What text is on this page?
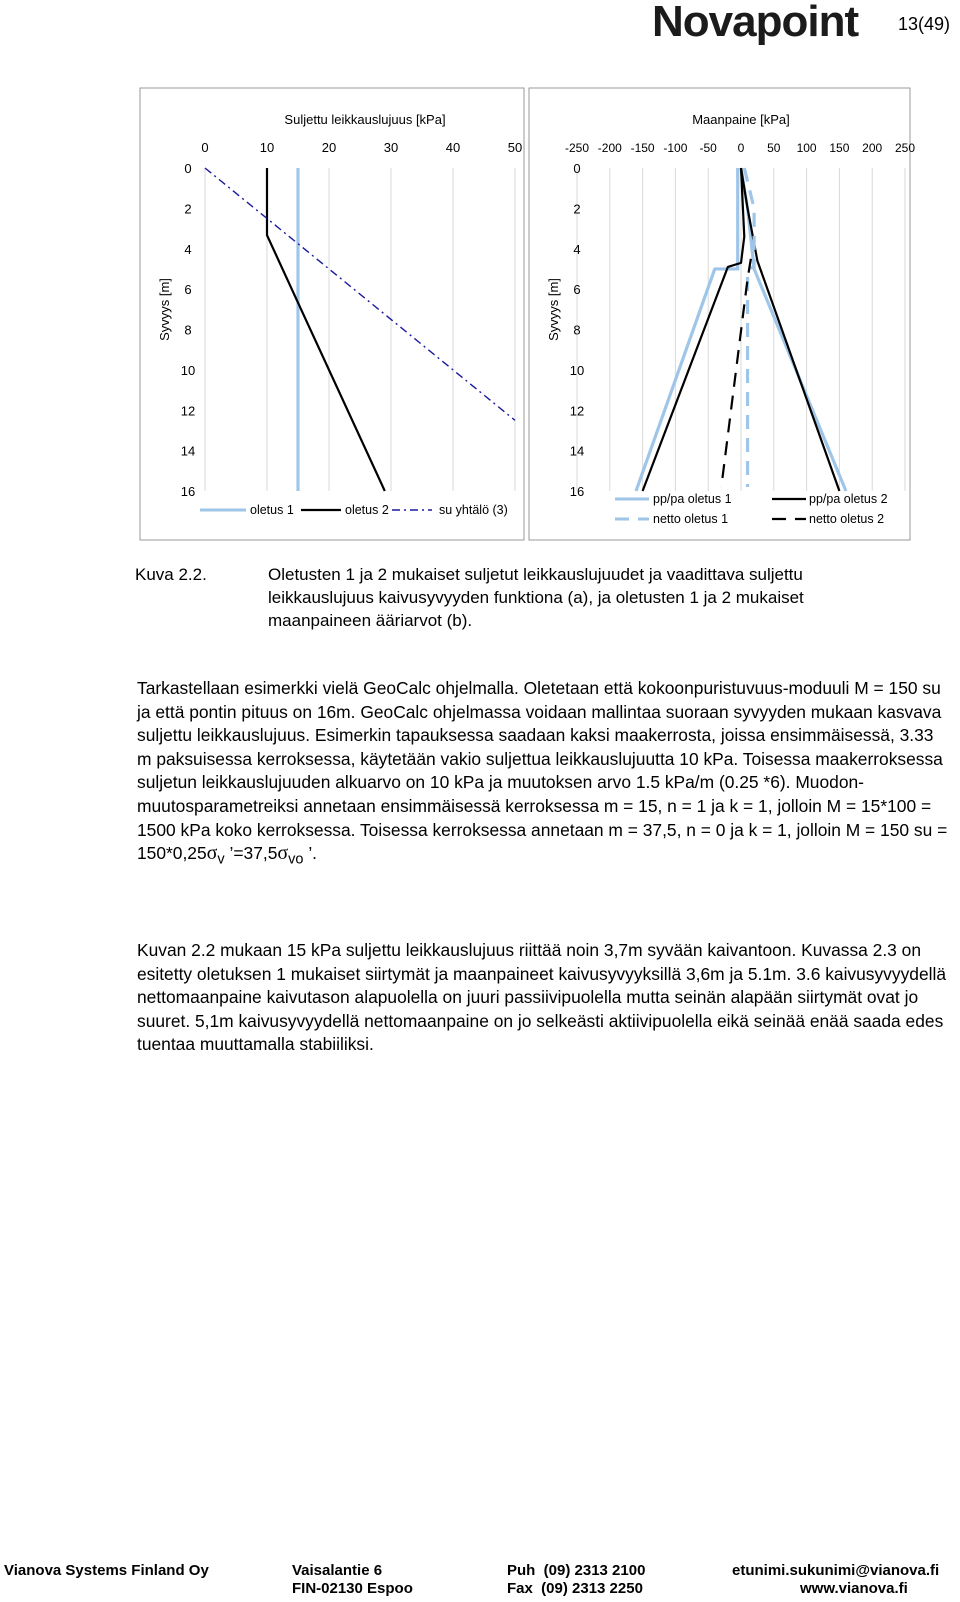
Novapoint 13(49)
Suljettu leikkauslujuus [kPa]
Syvyys [m]
0	10	20	30	40	50
0
2
4
6
8
10
12
14
16
oletus 1	oletus 2	su yhtälö (3)
Maanpaine [kPa]
Syvyys [m]
-250 -200 -150 -100 -50 0 50 100 150 200 250
0
2
4
6
8
10
12
14
16	pp/pa oletus 1	pp/pa oletus 2
netto oletus 1	netto oletus 2
Kuva 2.2.	Oletusten 1 ja 2 mukaiset suljetut leikkauslujuudet ja vaadittava suljettu leikkauslujuus kaivusyvyyden funktiona (a), ja oletusten 1 ja 2 mukaiset maanpaineen ääriarvot (b).
Tarkastellaan esimerkki vielä GeoCalc ohjelmalla. Oletetaan että kokoonpuristuvuus-moduuli M = 150 su ja että pontin pituus on 16m. GeoCalc ohjelmassa voidaan mallintaa suoraan syvyyden mukaan kasvava suljettu leikkauslujuus. Esimerkin tapauksessa saadaan kaksi maakerrosta, joissa ensimmäisessä, 3.33 m paksuisessa kerroksessa, käytetään vakio suljettua leikkauslujuutta 10 kPa. Toisessa maakerroksessa suljetun leikkauslujuuden alkuarvo on 10 kPa ja muutoksen arvo 1.5 kPa/m (0.25 *6). Muodon-muutosparametreiksi annetaan ensimmäisessä kerroksessa m = 15, n = 1 ja k = 1, jolloin M = 15*100 = 1500 kPa koko kerroksessa. Toisessa kerroksessa annetaan m = 37,5, n = 0 ja k = 1, jolloin M = 150 su = $150*0,25\sigma_v$ $’=37,5\sigma_{vo}$ ’.
Kuvan 2.2 mukaan 15 kPa suljettu leikkauslujuus riittää noin 3,7m syvään kaivantoon. Kuvassa 2.3 on esitetty oletuksen 1 mukaiset siirtymät ja maanpaineet kaivusyvyyksillä 3,6m ja 5.1m. 3.6 kaivusyvyydellä nettomaanpaine kaivutason alapuolella on juuri passiivipuolella mutta seinän alapään siirtymät ovat jo suuret. 5,1m kaivusyvyydellä nettomaanpaine on jo selkeästi aktiivipuolella eikä seinää enää saada edes tuentaa muuttamalla stabiiliksi.
Vianova Systems Finland Oy	Vaisalantie 6
FIN-02130 Espoo
Puh  (09) 2313 2100
Fax  (09) 2313 2250
etunimi.sukunimi@vianova.fi
www.vianova.fi
